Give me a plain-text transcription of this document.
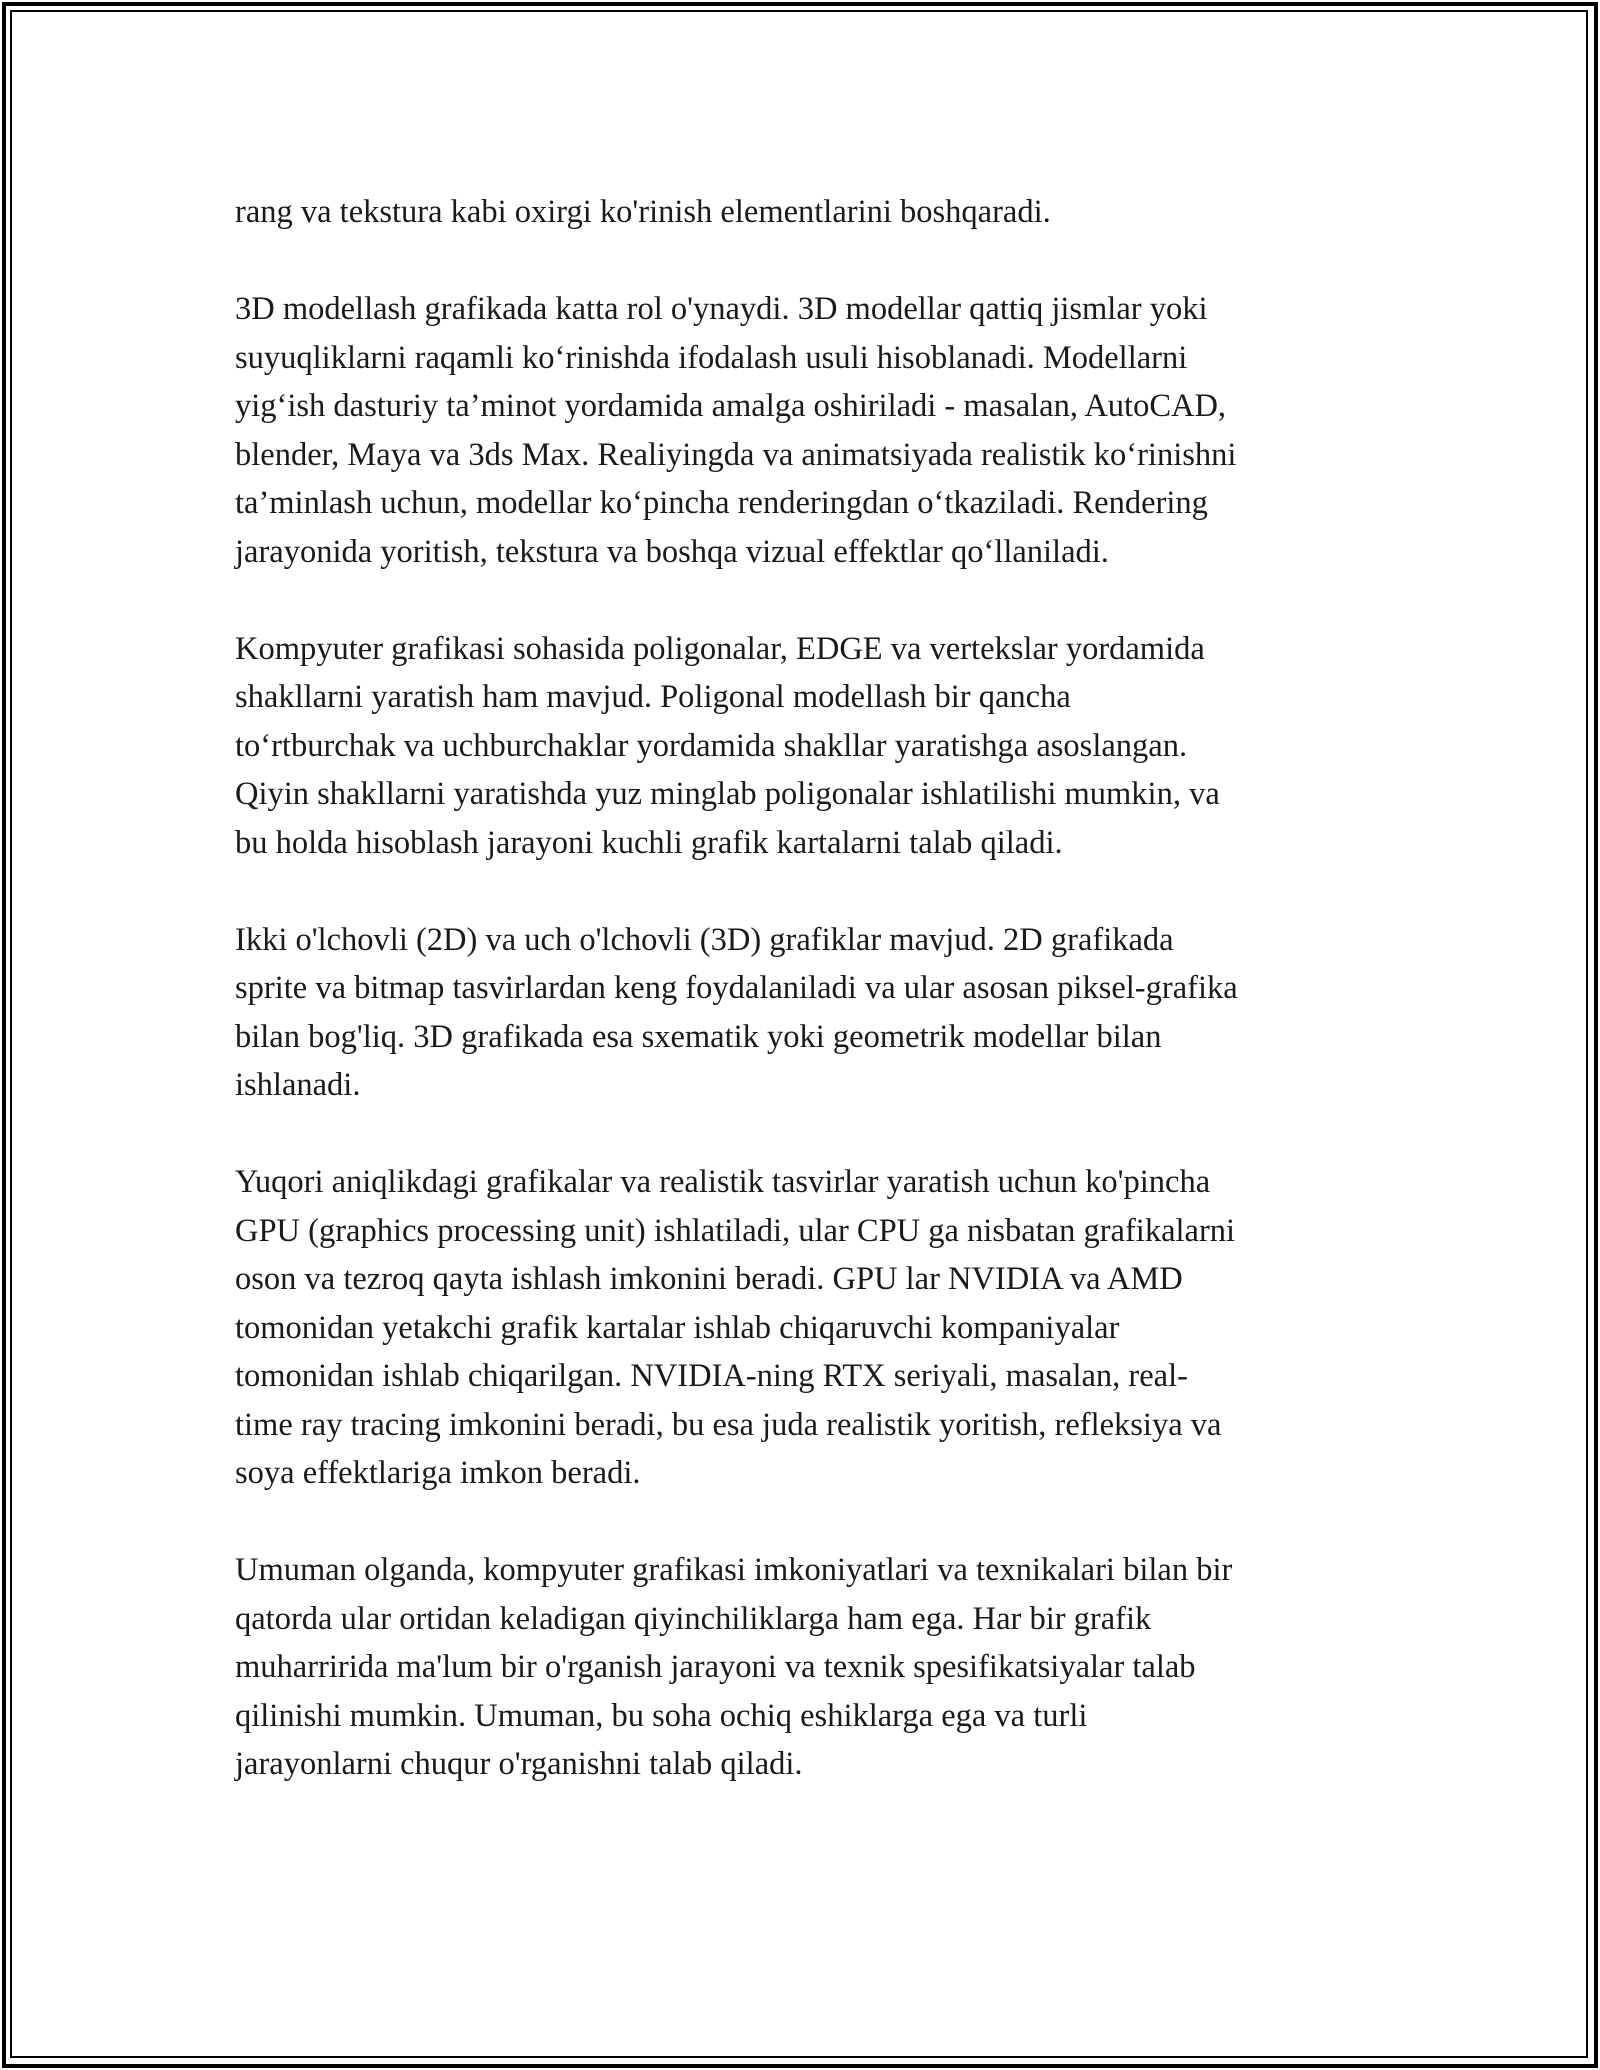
rang va tekstura kabi oxirgi ko'rinish elementlarini boshqaradi.

3D modellash grafikada katta rol o'ynaydi. 3D modellar qattiq jismlar yoki
suyuqliklarni raqamli ko‘rinishda ifodalash usuli hisoblanadi. Modellarni
yig‘ish dasturiy ta’minot yordamida amalga oshiriladi - masalan, AutoCAD,
blender, Maya va 3ds Max. Realiyingda va animatsiyada realistik ko‘rinishni
ta’minlash uchun, modellar ko‘pincha renderingdan o‘tkaziladi. Rendering
jarayonida yoritish, tekstura va boshqa vizual effektlar qo‘llaniladi.

Kompyuter grafikasi sohasida poligonalar, EDGE va vertekslar yordamida
shakllarni yaratish ham mavjud. Poligonal modellash bir qancha
to‘rtburchak va uchburchaklar yordamida shakllar yaratishga asoslangan.
Qiyin shakllarni yaratishda yuz minglab poligonalar ishlatilishi mumkin, va
bu holda hisoblash jarayoni kuchli grafik kartalarni talab qiladi.

Ikki o'lchovli (2D) va uch o'lchovli (3D) grafiklar mavjud. 2D grafikada
sprite va bitmap tasvirlardan keng foydalaniladi va ular asosan piksel-grafika
bilan bog'liq. 3D grafikada esa sxematik yoki geometrik modellar bilan
ishlanadi.

Yuqori aniqlikdagi grafikalar va realistik tasvirlar yaratish uchun ko'pincha
GPU (graphics processing unit) ishlatiladi, ular CPU ga nisbatan grafikalarni
oson va tezroq qayta ishlash imkonini beradi. GPU lar NVIDIA va AMD
tomonidan yetakchi grafik kartalar ishlab chiqaruvchi kompaniyalar
tomonidan ishlab chiqarilgan. NVIDIA-ning RTX seriyali, masalan, real-
time ray tracing imkonini beradi, bu esa juda realistik yoritish, refleksiya va
soya effektlariga imkon beradi.

Umuman olganda, kompyuter grafikasi imkoniyatlari va texnikalari bilan bir
qatorda ular ortidan keladigan qiyinchiliklarga ham ega. Har bir grafik
muharririda ma'lum bir o'rganish jarayoni va texnik spesifikatsiyalar talab
qilinishi mumkin. Umuman, bu soha ochiq eshiklarga ega va turli
jarayonlarni chuqur o'rganishni talab qiladi.
